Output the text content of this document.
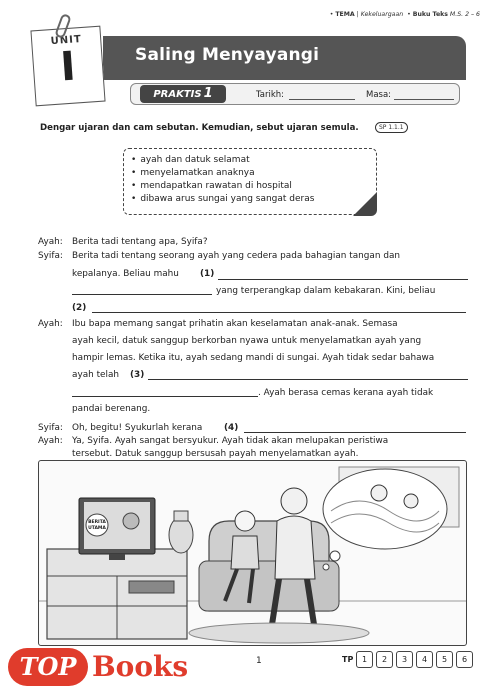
• TEMA | Kekeluargaan  • Buku Teks M.S. 2 – 6
Saling Menyayangi
UNIT
I
PRAKTIS 1	Tarikh:	Masa:
Dengar ujaran dan cam sebutan. Kemudian, sebut ujaran semula.	SP 1.1.1
• ayah dan datuk selamat
• menyelamatkan anaknya
• mendapatkan rawatan di hospital
• dibawa arus sungai yang sangat deras
Ayah: Berita tadi tentang apa, Syifa?
Syifa: Berita tadi tentang seorang ayah yang cedera pada bahagian tangan dan
kepalanya. Beliau mahu (1)
yang terperangkap dalam kebakaran. Kini, beliau
(2)
Ayah: Ibu bapa memang sangat prihatin akan keselamatan anak-anak. Semasa
ayah kecil, datuk sanggup berkorban nyawa untuk menyelamatkan ayah yang
hampir lemas. Ketika itu, ayah sedang mandi di sungai. Ayah tidak sedar bahawa
ayah telah (3)
. Ayah berasa cemas kerana ayah tidak
pandai berenang.
Syifa: Oh, begitu! Syukurlah kerana (4)
Ayah: Ya, Syifa. Ayah sangat bersyukur. Ayah tidak akan melupakan peristiwa
tersebut. Datuk sanggup bersusah payah menyelamatkan ayah.
BERITA
UTAMA
TOP Books	1	TP	1	2	3	4	5	6
